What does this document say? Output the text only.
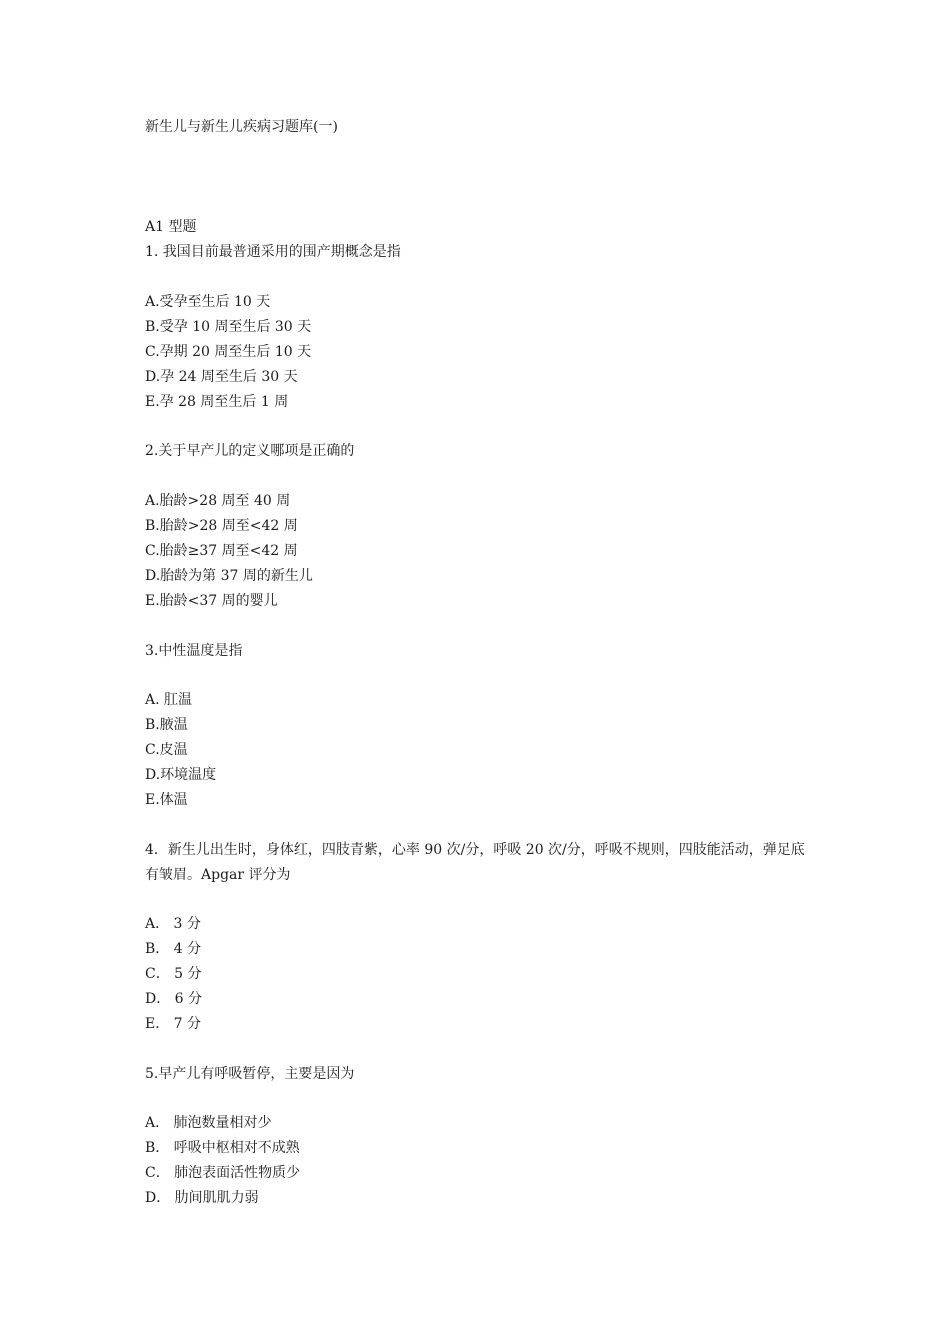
新生儿与新生儿疾病习题库(一)
A1 型题
1. 我国目前最普通采用的围产期概念是指
A.受孕至生后 10 天
B.受孕 10 周至生后 30 天
C.孕期 20 周至生后 10 天
D.孕 24 周至生后 30 天
E.孕 28 周至生后 1 周
2.关于早产儿的定义哪项是正确的
A.胎龄>28 周至 40 周
B.胎龄>28 周至<42 周
C.胎龄≥37 周至<42 周
D.胎龄为第 37 周的新生儿
E.胎龄<37 周的婴儿
3.中性温度是指
A. 肛温
B.腋温
C.皮温
D.环境温度
E.体温
4．新生儿出生时，身体红，四肢青紫，心率 90 次/分，呼吸 20 次/分，呼吸不规则，四肢能活动，弹足底有皱眉。Apgar 评分为
A． 3 分
B． 4 分
C． 5 分
D． 6 分
E． 7 分
5.早产儿有呼吸暂停，主要是因为
A． 肺泡数量相对少
B． 呼吸中枢相对不成熟
C． 肺泡表面活性物质少
D． 肋间肌肌力弱
